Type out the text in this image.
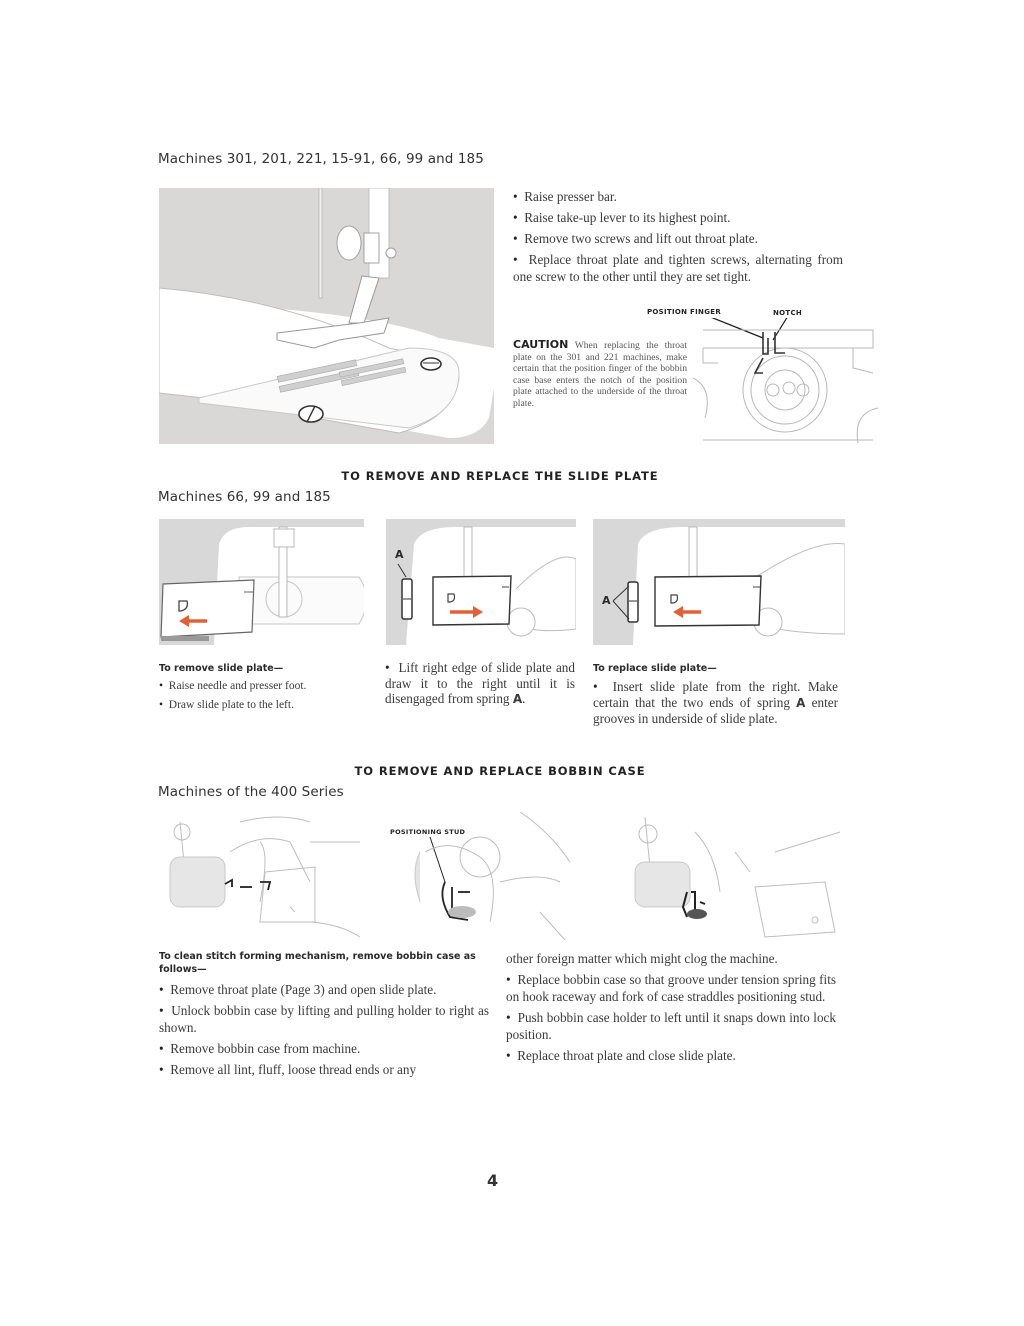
Machines 301, 201, 221, 15-91, 66, 99 and 185

•  Raise presser bar.

•  Raise take-up lever to its highest point.

•  Remove two screws and lift out throat plate.

•  Replace throat plate and tighten screws, alternating from one screw to the other until they are set tight.

POSITION FINGER	NOTCH
CAUTION When replacing the throat plate on the 301 and 221 machines, make certain that the position finger of the bobbin case base enters the notch of the position plate attached to the underside of the throat plate.
TO REMOVE AND REPLACE THE SLIDE PLATE
Machines 66, 99 and 185
A
A
To remove slide plate—

•  Raise needle and presser foot.

•  Draw slide plate to the left.

•  Lift right edge of slide plate and draw it to the right until it is disengaged from spring A.
To replace slide plate—
•  Insert slide plate from the right. Make certain that the two ends of spring A enter grooves in underside of slide plate.
TO REMOVE AND REPLACE BOBBIN CASE
Machines of the 400 Series
POSITIONING STUD
To clean stitch forming mechanism, remove bobbin case as follows—

•  Remove throat plate (Page 3) and open slide plate.

•  Unlock bobbin case by lifting and pulling holder to right as shown.

•  Remove bobbin case from machine.

•  Remove all lint, fluff, loose thread ends or any

other foreign matter which might clog the machine.

•  Replace bobbin case so that groove under tension spring fits on hook raceway and fork of case straddles positioning stud.

•  Push bobbin case holder to left until it snaps down into lock position.

•  Replace throat plate and close slide plate.

4
